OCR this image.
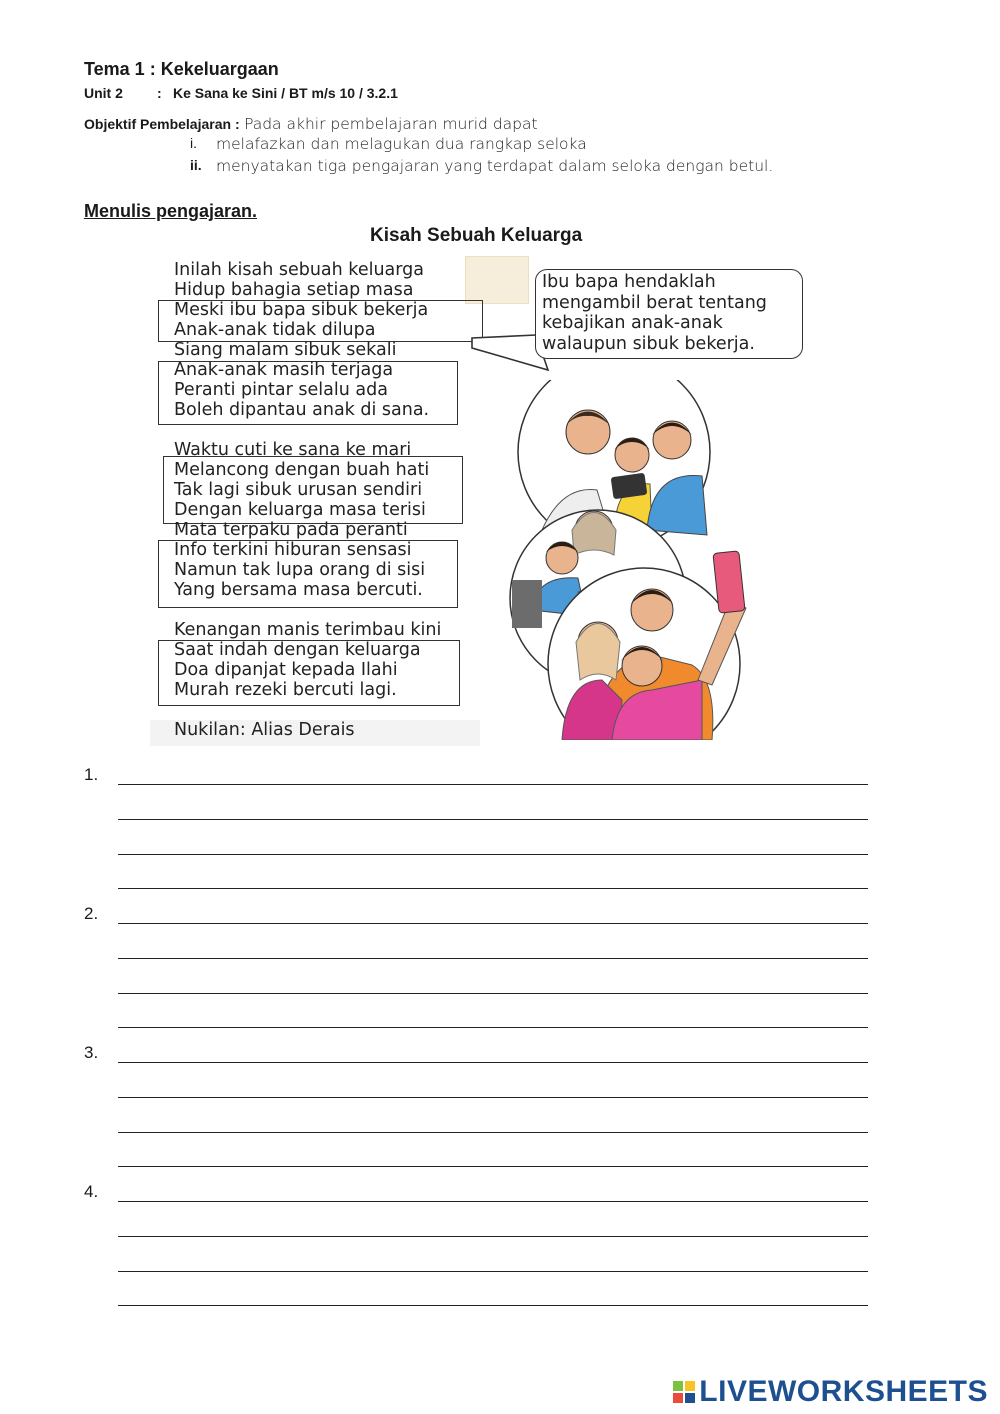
Tema 1 : Kekeluargaan
Unit 2 : Ke Sana ke Sini / BT m/s 10 / 3.2.1
Objektif Pembelajaran : Pada akhir pembelajaran murid dapat
i. melafazkan dan melagukan dua rangkap seloka
ii. menyatakan tiga pengajaran yang terdapat dalam seloka dengan betul.
Menulis pengajaran.
Kisah Sebuah Keluarga
Inilah kisah sebuah keluarga
Hidup bahagia setiap masa
Meski ibu bapa sibuk bekerja
Anak-anak tidak dilupa
Siang malam sibuk sekali
Anak-anak masih terjaga
Peranti pintar selalu ada
Boleh dipantau anak di sana.
Waktu cuti ke sana ke mari
Melancong dengan buah hati
Tak lagi sibuk urusan sendiri
Dengan keluarga masa terisi
Mata terpaku pada peranti
Info terkini hiburan sensasi
Namun tak lupa orang di sisi
Yang bersama masa bercuti.
Kenangan manis terimbau kini
Saat indah dengan keluarga
Doa dipanjat kepada Ilahi
Murah rezeki bercuti lagi.
Nukilan: Alias Derais
Ibu bapa hendaklah
mengambil berat tentang
kebajikan anak-anak
walaupun sibuk bekerja.
1.
2.
3.
4.
LIVEWORKSHEETS
